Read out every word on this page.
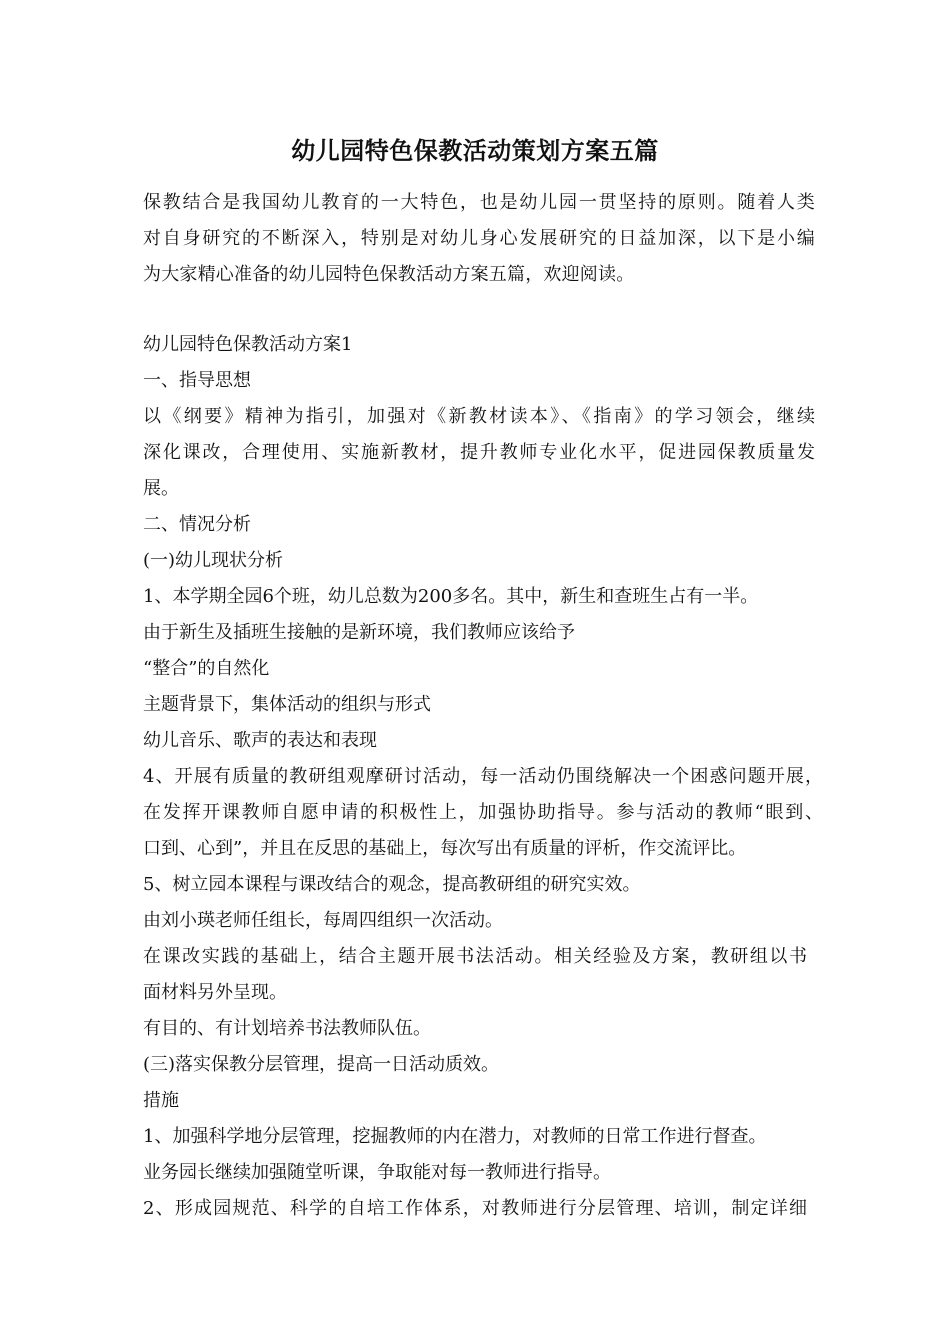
幼儿园特色保教活动策划方案五篇
保教结合是我国幼儿教育的一大特色，也是幼儿园一贯坚持的原则。随着人类
对自身研究的不断深入，特别是对幼儿身心发展研究的日益加深，以下是小编
为大家精心准备的幼儿园特色保教活动方案五篇，欢迎阅读。
幼儿园特色保教活动方案1
一、指导思想
以《纲要》精神为指引，加强对《新教材读本》、《指南》的学习领会，继续
深化课改，合理使用、实施新教材，提升教师专业化水平，促进园保教质量发
展。
二、情况分析
(一)幼儿现状分析
1、本学期全园6个班，幼儿总数为200多名。其中，新生和查班生占有一半。
由于新生及插班生接触的是新环境，我们教师应该给予
“整合”的自然化
主题背景下，集体活动的组织与形式
幼儿音乐、歌声的表达和表现
4、开展有质量的教研组观摩研讨活动，每一活动仍围绕解决一个困惑问题开展，
在发挥开课教师自愿申请的积极性上，加强协助指导。参与活动的教师“眼到、
口到、心到”，并且在反思的基础上，每次写出有质量的评析，作交流评比。
5、树立园本课程与课改结合的观念，提高教研组的研究实效。
由刘小瑛老师任组长，每周四组织一次活动。
在课改实践的基础上，结合主题开展书法活动。相关经验及方案，教研组以书
面材料另外呈现。
有目的、有计划培养书法教师队伍。
(三)落实保教分层管理，提高一日活动质效。
措施
1、加强科学地分层管理，挖掘教师的内在潜力，对教师的日常工作进行督查。
业务园长继续加强随堂听课，争取能对每一教师进行指导。
2、形成园规范、科学的自培工作体系，对教师进行分层管理、培训，制定详细
